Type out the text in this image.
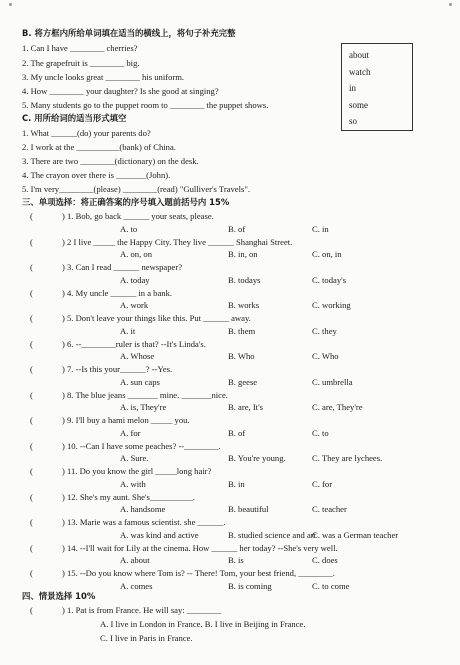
B. 将方框内所给单词填在适当的横线上，将句子补充完整
1. Can I have ________ cherries?
2. The grapefruit is ________ big.
3. My uncle looks great ________ his uniform.
4. How ________ your daughter? Is she good at singing?
5. Many students go to the puppet room to ________ the puppet shows.
about
watch
in
some
so
C. 用所给词的适当形式填空
1. What ______(do) your parents do?
2. I work at the __________(bank) of China.
3. There are two ________(dictionary) on the desk.
4. The crayon over there is _______(John).
5. I'm very________(please) ________(read) "Gulliver's Travels".
三、单项选择：将正确答案的序号填入题前括号内 15%
(	) 1. Bob, go back ______ your seats, please.
A. to	B. of	C. in
(	) 2 I live _____ the Happy City. They live ______ Shanghai Street.
A. on, on	B. in, on	C. on, in
(	) 3. Can I read ______ newspaper?
A. today	B. todays	C. today's
(	) 4. My uncle ______ in a bank.
A. work	B. works	C. working
(	) 5. Don't leave your things like this. Put ______ away.
A. it	B. them	C. they
(	) 6. --________ruler is that? --It's Linda's.
A. Whose	B. Who	C. Who
(	) 7. --Is this your______? --Yes.
A. sun caps	B. geese	C. umbrella
(	) 8. The blue jeans _______ mine. _______nice.
A. is, They're	B. are, It's	C. are, They're
(	) 9. I'll buy a hami melon _____ you.
A. for	B. of	C. to
(	) 10. --Can I have some peaches? --________.
A. Sure.	B. You're young.	C. They are lychees.
(	) 11. Do you know the girl _____long hair?
A. with	B. in	C. for
(	) 12. She's my aunt. She's__________.
A. handsome	B. beautiful	C. teacher
(	) 13. Marie was a famous scientist. she ______.
A. was kind and active	B. studied science and art
C. was a German teacher
(	) 14. --I'll wait for Lily at the cinema. How ______ her today? --She's very well.
A. about	B. is	C. does
(	) 15. --Do you know where Tom is? -- There! Tom, your best friend, ________.
A. comes	B. is coming	C. to come
四、情景选择 10%
(	) 1. Pat is from France. He will say: ________
A. I live in London in France. B. I live in Beijing in France.
C. I live in Paris in France.
